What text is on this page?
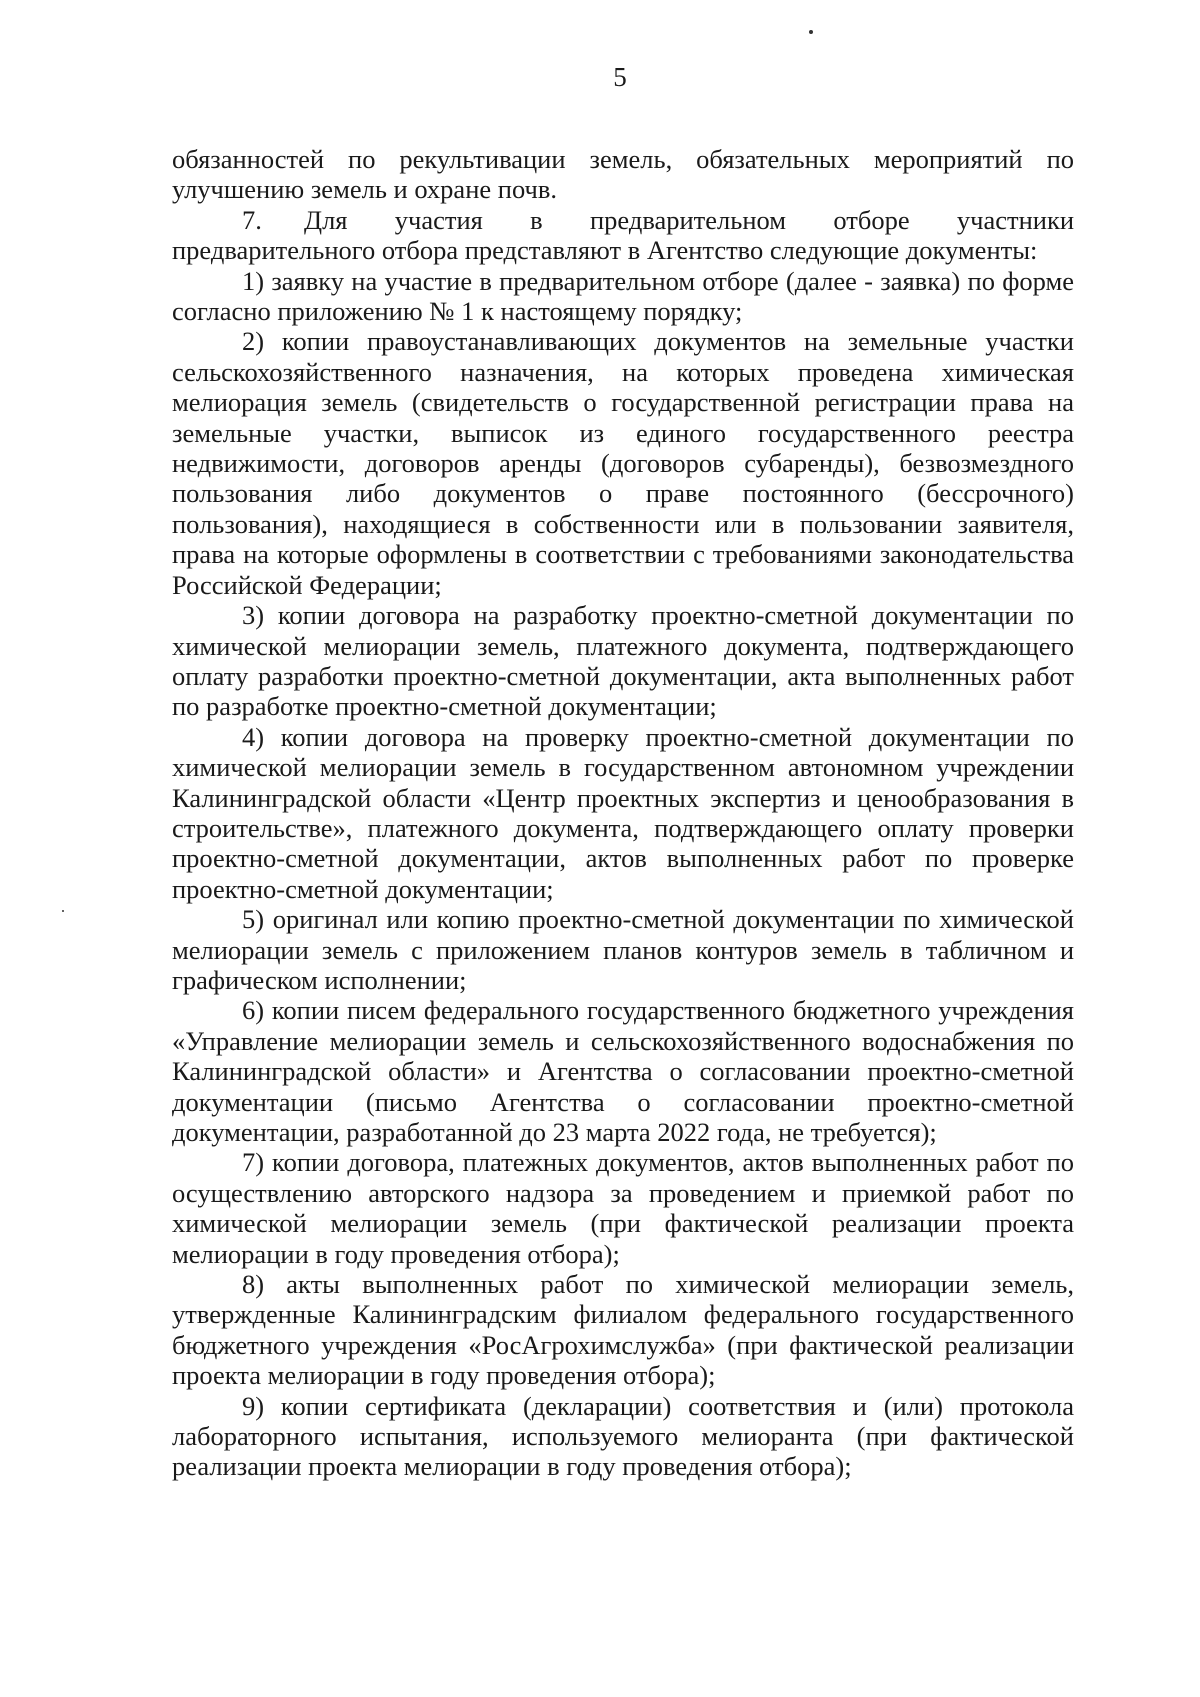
5

обязанностей по рекультивации земель, обязательных мероприятий по улучшению земель и охране почв.

7. Для участия в предварительном отборе участники предварительного отбора представляют в Агентство следующие документы:

1) заявку на участие в предварительном отборе (далее - заявка) по форме согласно приложению № 1 к настоящему порядку;

2) копии правоустанавливающих документов на земельные участки сельскохозяйственного назначения, на которых проведена химическая мелиорация земель (свидетельств о государственной регистрации права на земельные участки, выписок из единого государственного реестра недвижимости, договоров аренды (договоров субаренды), безвозмездного пользования либо документов о праве постоянного (бессрочного) пользования), находящиеся в собственности или в пользовании заявителя, права на которые оформлены в соответствии с требованиями законодательства Российской Федерации;

3) копии договора на разработку проектно-сметной документации по химической мелиорации земель, платежного документа, подтверждающего оплату разработки проектно-сметной документации, акта выполненных работ по разработке проектно-сметной документации;

4) копии договора на проверку проектно-сметной документации по химической мелиорации земель в государственном автономном учреждении Калининградской области «Центр проектных экспертиз и ценообразования в строительстве», платежного документа, подтверждающего оплату проверки проектно-сметной документации, актов выполненных работ по проверке проектно-сметной документации;

5) оригинал или копию проектно-сметной документации по химической мелиорации земель с приложением планов контуров земель в табличном и графическом исполнении;

6) копии писем федерального государственного бюджетного учреждения «Управление мелиорации земель и сельскохозяйственного водоснабжения по Калининградской области» и Агентства о согласовании проектно-сметной документации (письмо Агентства о согласовании проектно-сметной документации, разработанной до 23 марта 2022 года, не требуется);

7) копии договора, платежных документов, актов выполненных работ по осуществлению авторского надзора за проведением и приемкой работ по химической мелиорации земель (при фактической реализации проекта мелиорации в году проведения отбора);

8) акты выполненных работ по химической мелиорации земель, утвержденные Калининградским филиалом федерального государственного бюджетного учреждения «РосАгрохимслужба» (при фактической реализации проекта мелиорации в году проведения отбора);

9) копии сертификата (декларации) соответствия и (или) протокола лабораторного испытания, используемого мелиоранта (при фактической реализации проекта мелиорации в году проведения отбора);
